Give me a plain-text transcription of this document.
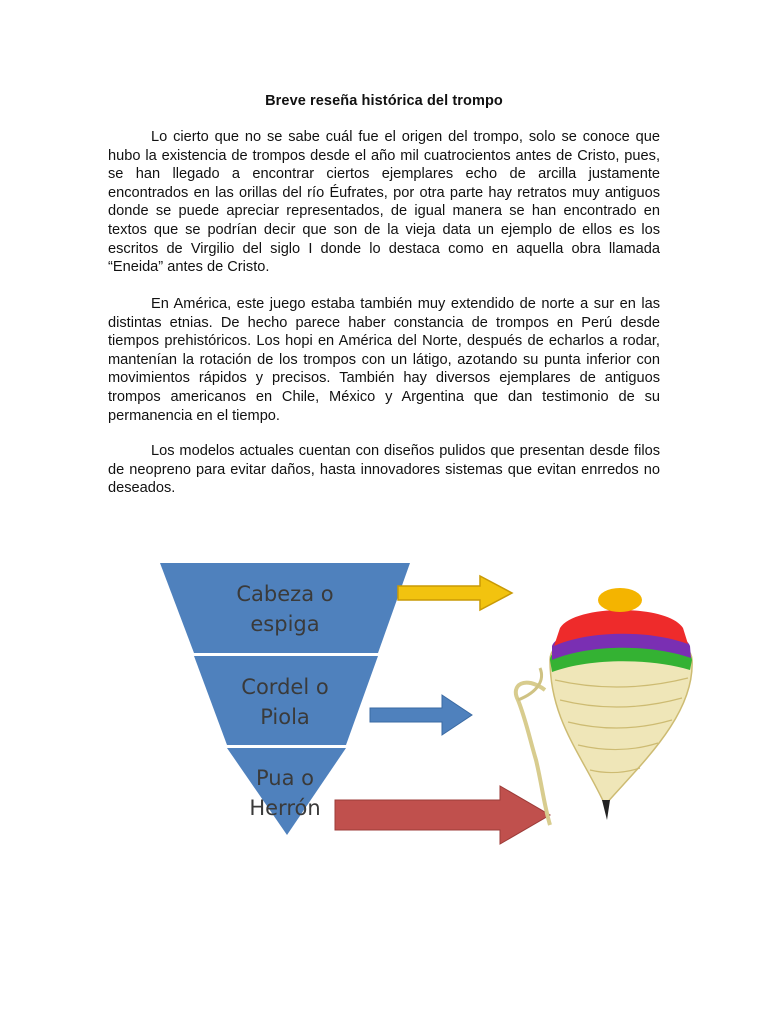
Breve reseña histórica del trompo

Lo cierto que no se sabe cuál fue el origen del trompo, solo se conoce que hubo la existencia de trompos desde el año mil cuatrocientos antes de Cristo, pues, se han llegado a encontrar ciertos ejemplares echo de arcilla justamente encontrados en las orillas del río Éufrates, por otra parte hay retratos muy antiguos donde se puede apreciar representados, de igual manera se han encontrado en textos que se podrían decir que son de la vieja data un ejemplo de ellos es los escritos de Virgilio del siglo I donde lo destaca como en aquella obra llamada “Eneida” antes de Cristo.

En América, este juego estaba también muy extendido de norte a sur en las distintas etnias. De hecho parece haber constancia de trompos en Perú desde tiempos prehistóricos. Los hopi en América del Norte, después de echarlos a rodar, mantenían la rotación de los trompos con un látigo, azotando su punta inferior con movimientos rápidos y precisos. También hay diversos ejemplares de antiguos trompos americanos en Chile, México y Argentina que dan testimonio de su permanencia en el tiempo.

Los modelos actuales cuentan con diseños pulidos que presentan desde filos de neopreno para evitar daños, hasta innovadores sistemas que evitan enrredos no deseados.

Cabeza o
espiga
Cordel o
Piola
Pua o
Herrón
